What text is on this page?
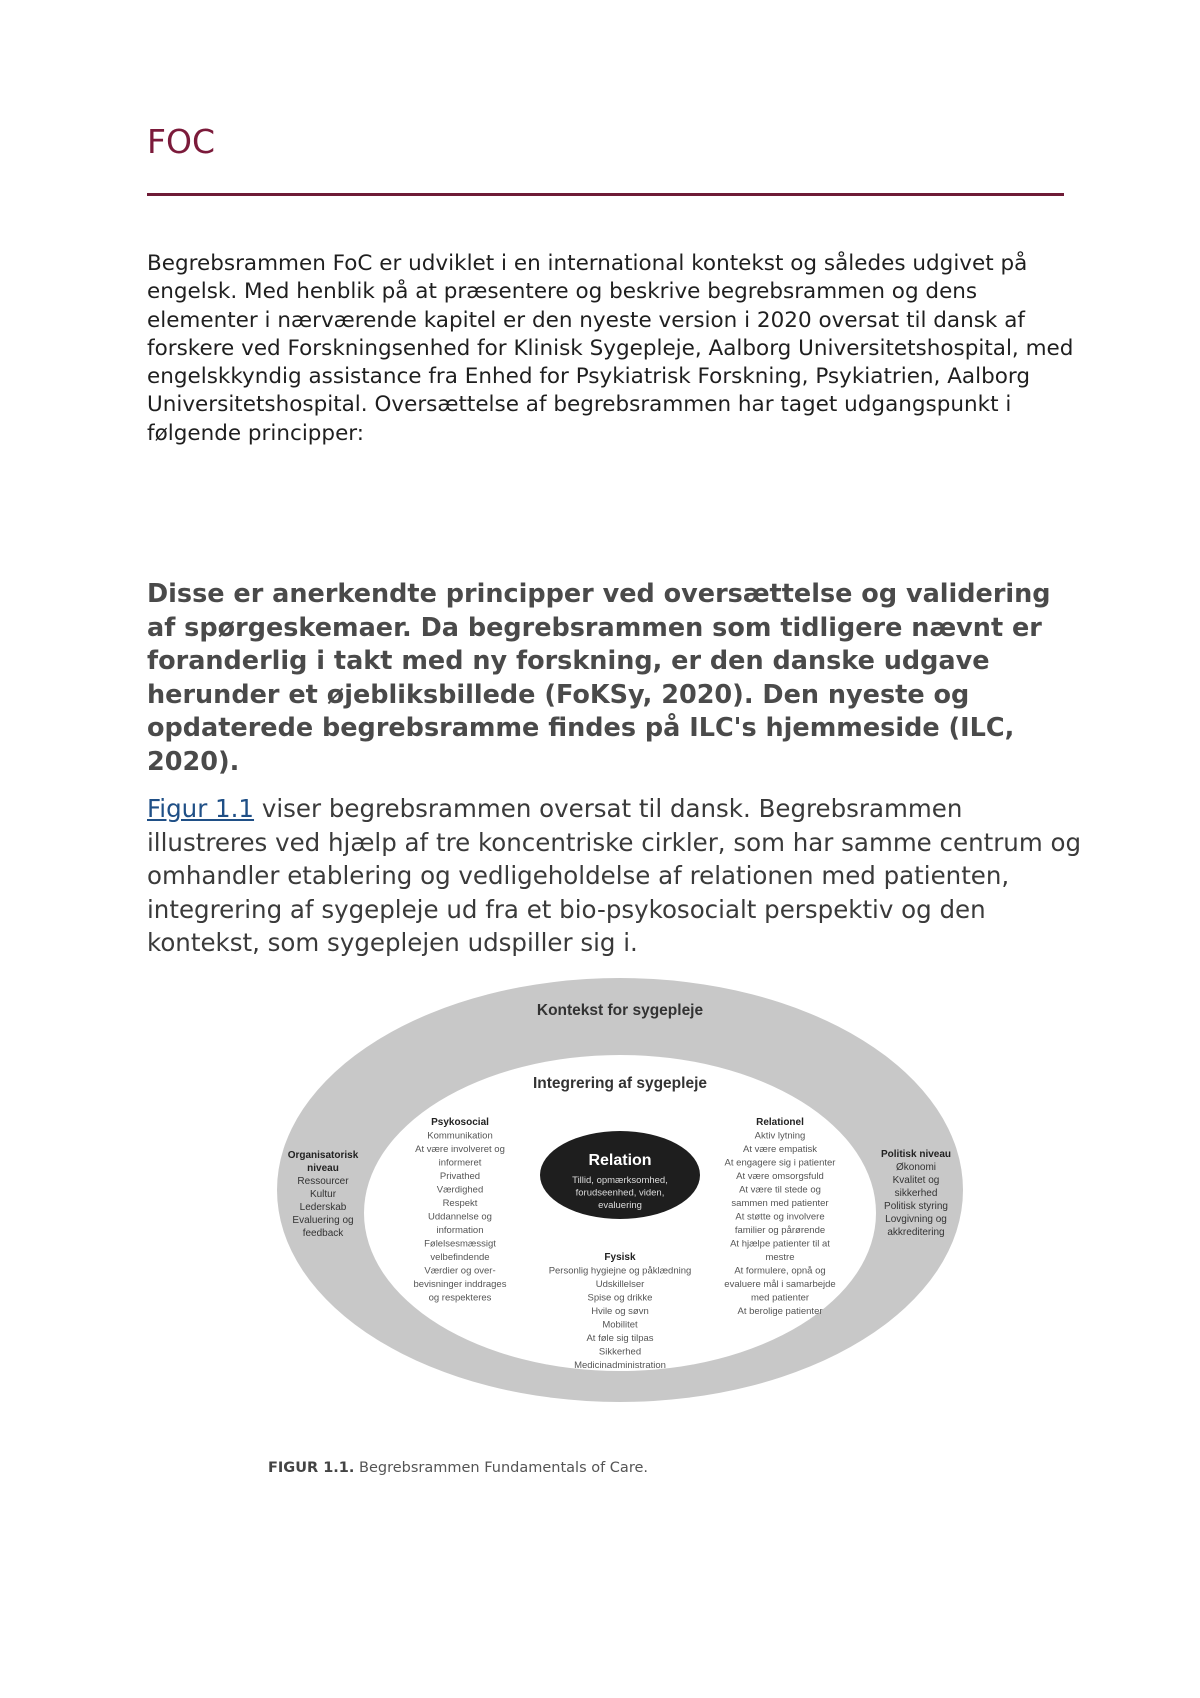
FOC

Begrebsrammen FoC er udviklet i en international kontekst og således udgivet på engelsk. Med henblik på at præsentere og beskrive begrebsrammen og dens elementer i nærværende kapitel er den nyeste version i 2020 oversat til dansk af forskere ved Forskningsenhed for Klinisk Sygepleje, Aalborg Universitetshospital, med engelskkyndig assistance fra Enhed for Psykiatrisk Forskning, Psykiatrien, Aalborg Universitetshospital. Oversættelse af begrebsrammen har taget udgangspunkt i følgende principper:

Disse er anerkendte principper ved oversættelse og validering af spørgeskemaer. Da begrebsrammen som tidligere nævnt er foranderlig i takt med ny forskning, er den danske udgave herunder et øjebliksbillede (FoKSy, 2020). Den nyeste og opdaterede begrebsramme findes på ILC's hjemmeside (ILC, 2020).

Figur 1.1 viser begrebsrammen oversat til dansk. Begrebsrammen illustreres ved hjælp af tre koncentriske cirkler, som har samme centrum og omhandler etablering og vedligeholdelse af relationen med patienten, integrering af sygepleje ud fra et bio-psykosocialt perspektiv og den kontekst, som sygeplejen udspiller sig i.

Kontekst for sygepleje
Integrering af sygepleje
Relation
Tillid, opmærksomhed,
forudseenhed, viden,
evaluering
Organisatorisk
niveau
Ressourcer
Kultur
Lederskab
Evaluering og
feedback
Politisk niveau
Økonomi
Kvalitet og
sikkerhed
Politisk styring
Lovgivning og
akkreditering
Psykosocial
Kommunikation
At være involveret og
informeret
Privathed
Værdighed
Respekt
Uddannelse og
information
Følelsesmæssigt
velbefindende
Værdier og over-
bevisninger inddrages
og respekteres
Relationel
Aktiv lytning
At være empatisk
At engagere sig i patienter
At være omsorgsfuld
At være til stede og
sammen med patienter
At støtte og involvere
familier og pårørende
At hjælpe patienter til at
mestre
At formulere, opnå og
evaluere mål i samarbejde
med patienter
At berolige patienter
Fysisk
Personlig hygiejne og påklædning
Udskillelser
Spise og drikke
Hvile og søvn
Mobilitet
At føle sig tilpas
Sikkerhed
Medicinadministration

FIGUR 1.1. Begrebsrammen Fundamentals of Care.
